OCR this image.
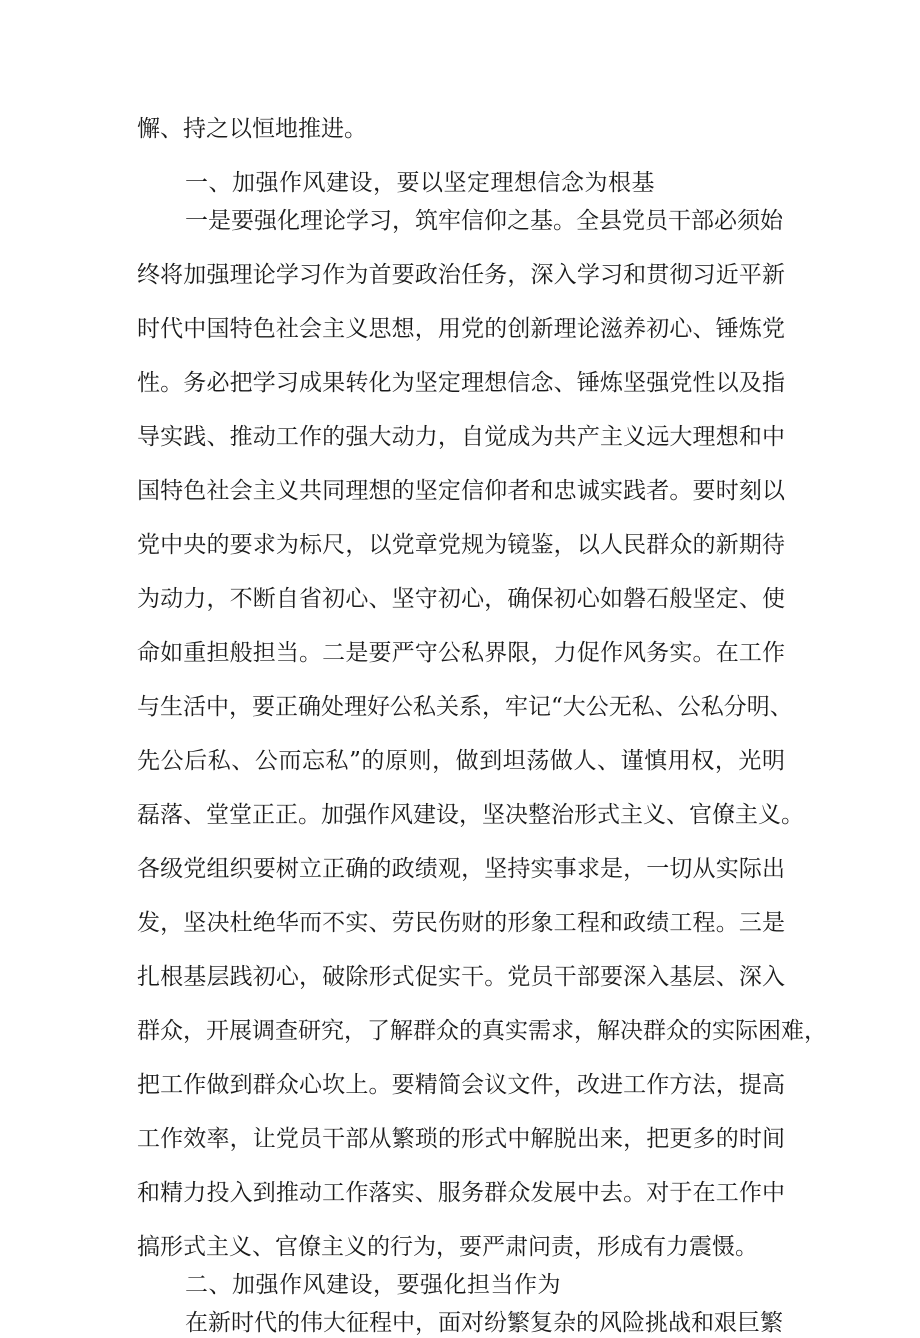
懈、持之以恒地推进。
一、加强作风建设，要以坚定理想信念为根基
一是要强化理论学习，筑牢信仰之基。全县党员干部必须始
终将加强理论学习作为首要政治任务，深入学习和贯彻习近平新
时代中国特色社会主义思想，用党的创新理论滋养初心、锤炼党
性。务必把学习成果转化为坚定理想信念、锤炼坚强党性以及指
导实践、推动工作的强大动力，自觉成为共产主义远大理想和中
国特色社会主义共同理想的坚定信仰者和忠诚实践者。要时刻以
党中央的要求为标尺，以党章党规为镜鉴，以人民群众的新期待
为动力，不断自省初心、坚守初心，确保初心如磐石般坚定、使
命如重担般担当。二是要严守公私界限，力促作风务实。在工作
与生活中，要正确处理好公私关系，牢记“大公无私、公私分明、
先公后私、公而忘私”的原则，做到坦荡做人、谨慎用权，光明
磊落、堂堂正正。加强作风建设，坚决整治形式主义、官僚主义。
各级党组织要树立正确的政绩观，坚持实事求是，一切从实际出
发，坚决杜绝华而不实、劳民伤财的形象工程和政绩工程。三是
扎根基层践初心，破除形式促实干。党员干部要深入基层、深入
群众，开展调查研究，了解群众的真实需求，解决群众的实际困难，
把工作做到群众心坎上。要精简会议文件，改进工作方法，提高
工作效率，让党员干部从繁琐的形式中解脱出来，把更多的时间
和精力投入到推动工作落实、服务群众发展中去。对于在工作中
搞形式主义、官僚主义的行为，要严肃问责，形成有力震慑。
二、加强作风建设，要强化担当作为
在新时代的伟大征程中，面对纷繁复杂的风险挑战和艰巨繁
